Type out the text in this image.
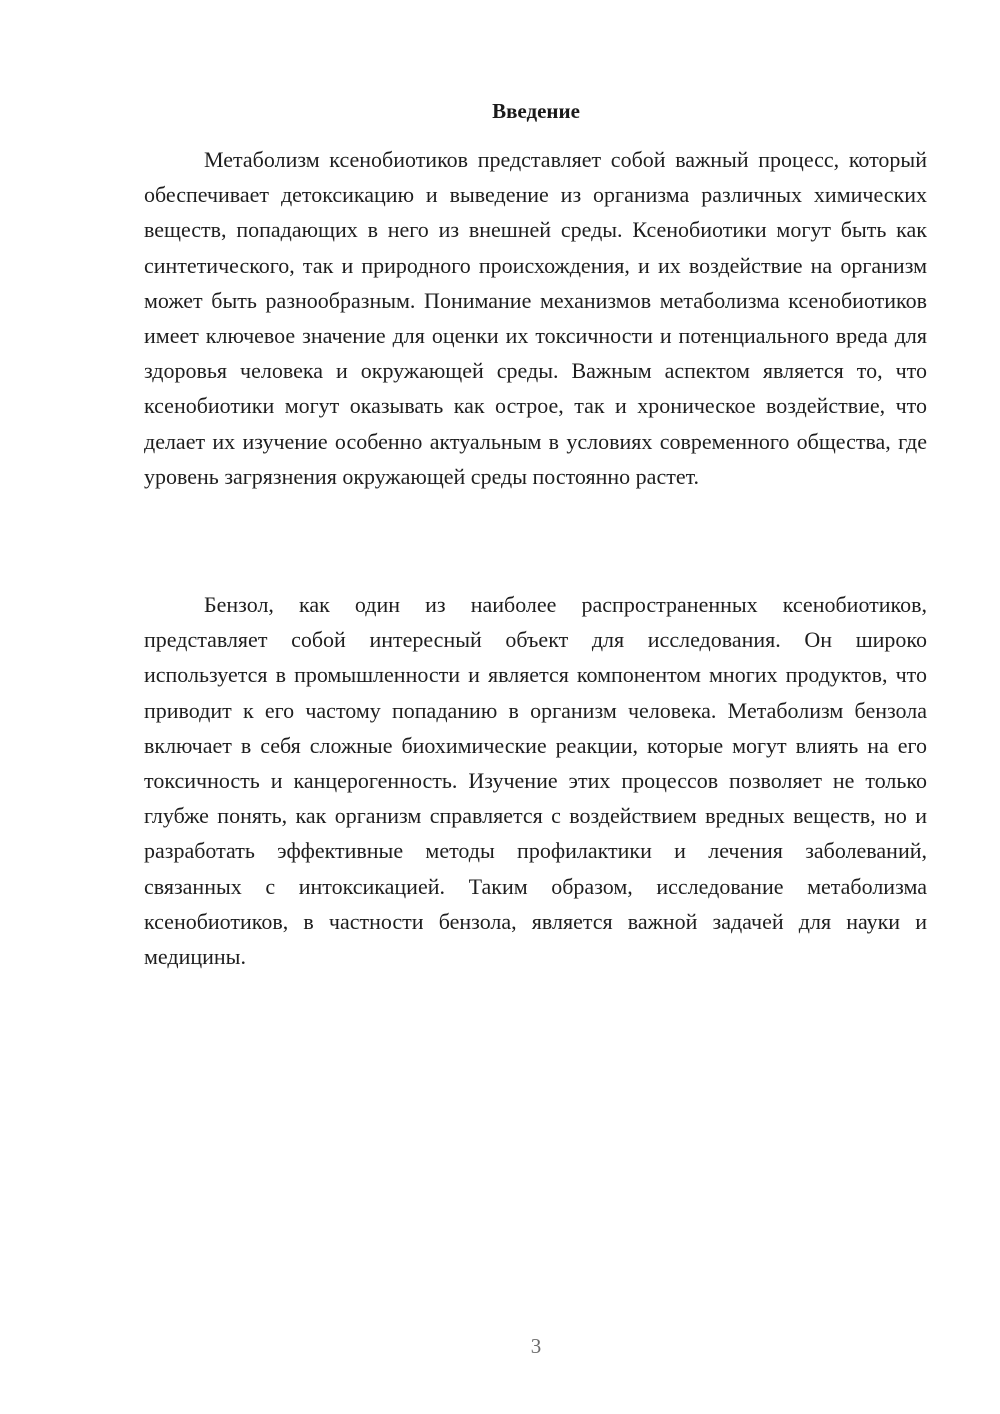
Введение

Метаболизм ксенобиотиков представляет собой важный процесс, который обеспечивает детоксикацию и выведение из организма различных химических веществ, попадающих в него из внешней среды. Ксенобиотики могут быть как синтетического, так и природного происхождения, и их воздействие на организм может быть разнообразным. Понимание механизмов метаболизма ксенобиотиков имеет ключевое значение для оценки их токсичности и потенциального вреда для здоровья человека и окружающей среды. Важным аспектом является то, что ксенобиотики могут оказывать как острое, так и хроническое воздействие, что делает их изучение особенно актуальным в условиях современного общества, где уровень загрязнения окружающей среды постоянно растет.

Бензол, как один из наиболее распространенных ксенобиотиков, представляет собой интересный объект для исследования. Он широко используется в промышленности и является компонентом многих продуктов, что приводит к его частому попаданию в организм человека. Метаболизм бензола включает в себя сложные биохимические реакции, которые могут влиять на его токсичность и канцерогенность. Изучение этих процессов позволяет не только глубже понять, как организм справляется с воздействием вредных веществ, но и разработать эффективные методы профилактики и лечения заболеваний, связанных с интоксикацией. Таким образом, исследование метаболизма ксенобиотиков, в частности бензола, является важной задачей для науки и медицины.

3
